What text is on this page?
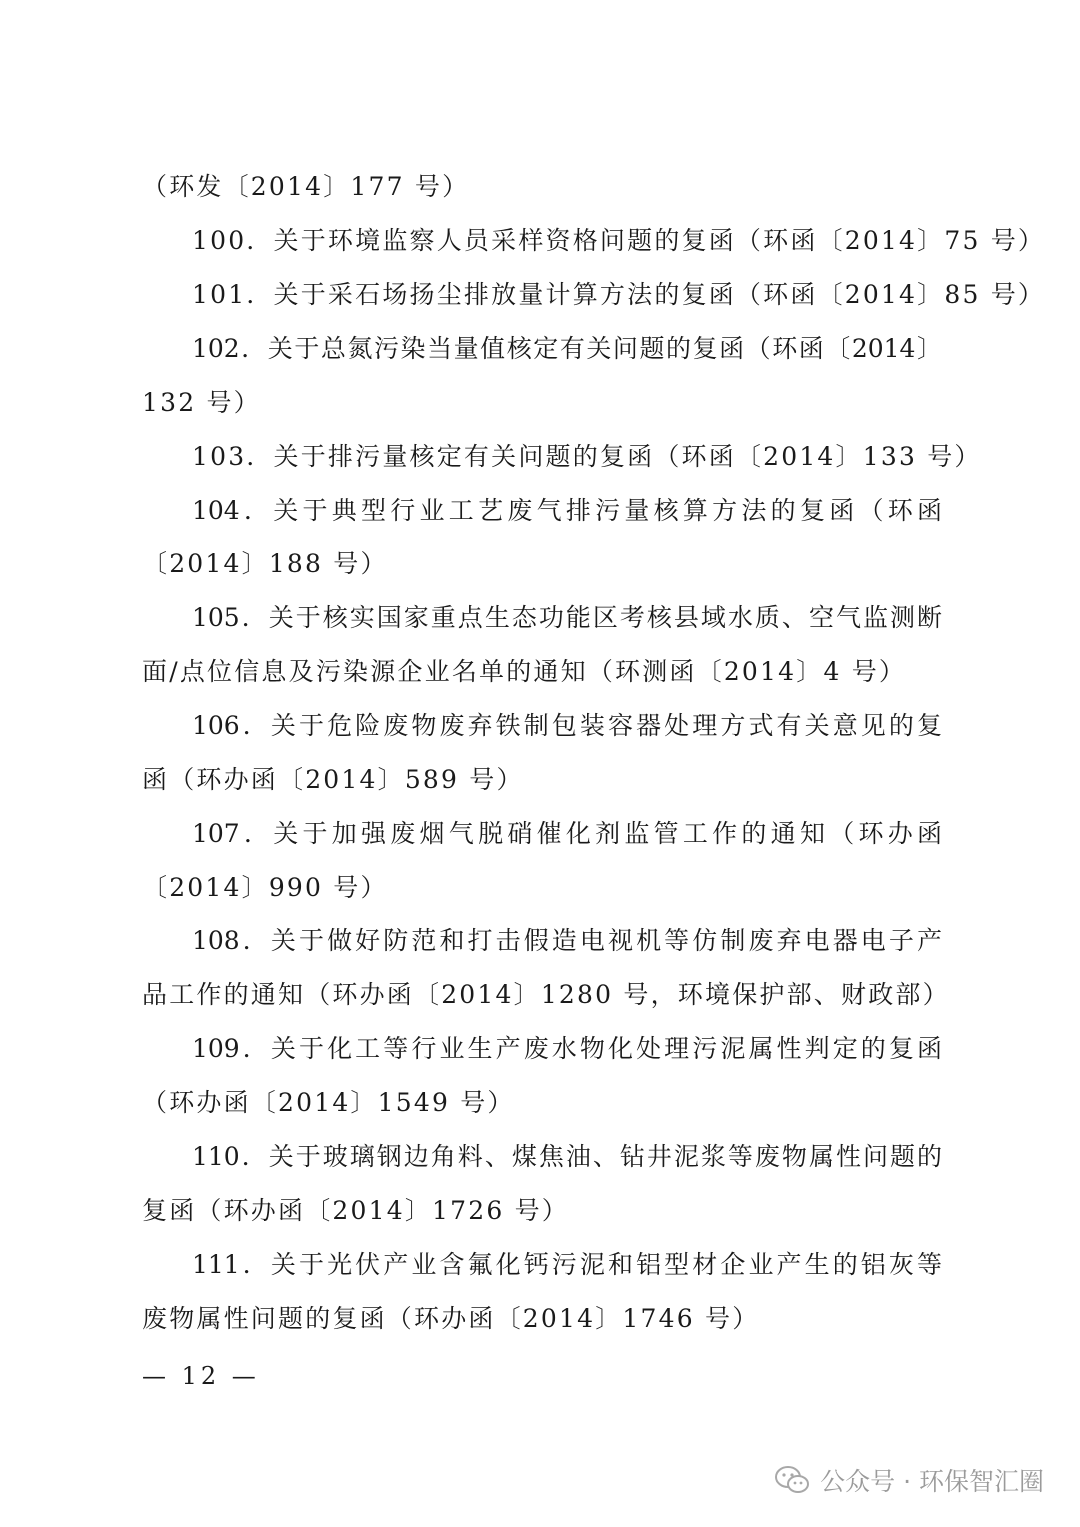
（环发〔2014〕177 号）
100．关于环境监察人员采样资格问题的复函（环函〔2014〕75 号）
101．关于采石场扬尘排放量计算方法的复函（环函〔2014〕85 号）
102．关于总氮污染当量值核定有关问题的复函（环函〔2014〕
132 号）
103．关于排污量核定有关问题的复函（环函〔2014〕133 号）
104．关于典型行业工艺废气排污量核算方法的复函（环函
〔2014〕188 号）
105．关于核实国家重点生态功能区考核县域水质、空气监测断
面/点位信息及污染源企业名单的通知（环测函〔2014〕4 号）
106．关于危险废物废弃铁制包装容器处理方式有关意见的复
函（环办函〔2014〕589 号）
107．关于加强废烟气脱硝催化剂监管工作的通知（环办函
〔2014〕990 号）
108．关于做好防范和打击假造电视机等仿制废弃电器电子产
品工作的通知（环办函〔2014〕1280 号，环境保护部、财政部）
109．关于化工等行业生产废水物化处理污泥属性判定的复函
（环办函〔2014〕1549 号）
110．关于玻璃钢边角料、煤焦油、钻井泥浆等废物属性问题的
复函（环办函〔2014〕1726 号）
111．关于光伏产业含氟化钙污泥和铝型材企业产生的铝灰等
废物属性问题的复函（环办函〔2014〕1746 号）
— 12 —
公众号 · 环保智汇圈
